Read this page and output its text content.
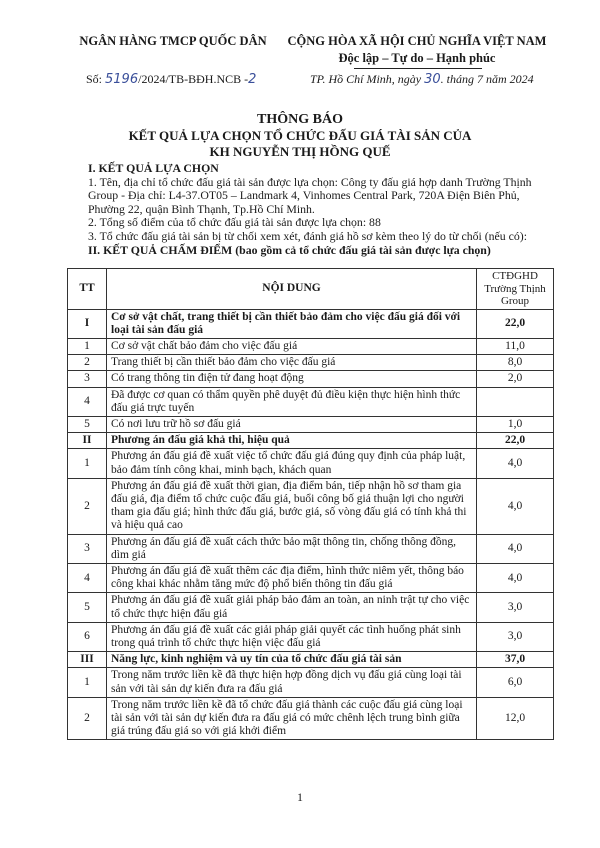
NGÂN HÀNG TMCP QUỐC DÂN	CỘNG HÒA XÃ HỘI CHỦ NGHĨA VIỆT NAM
Độc lập – Tự do – Hạnh phúc
Số: 5196/2024/TB-BĐH.NCB -2	TP. Hồ Chí Minh, ngày 30. tháng 7 năm 2024
THÔNG BÁO
KẾT QUẢ LỰA CHỌN TỔ CHỨC ĐẤU GIÁ TÀI SẢN CỦA
KH NGUYỄN THỊ HỒNG QUẾ

I. KẾT QUẢ LỰA CHỌN

1. Tên, địa chỉ tổ chức đấu giá tài sản được lựa chọn: Công ty đấu giá hợp danh Trường Thịnh Group - Địa chỉ: L4-37.OT05 – Landmark 4, Vinhomes Central Park, 720A Điện Biên Phủ, Phường 22, quận Bình Thạnh, Tp.Hồ Chí Minh.

2. Tổng số điểm của tổ chức đấu giá tài sản được lựa chọn: 88

3. Tổ chức đấu giá tài sản bị từ chối xem xét, đánh giá hồ sơ kèm theo lý do từ chối (nếu có):

II. KẾT QUẢ CHẤM ĐIỂM (bao gồm cả tổ chức đấu giá tài sản được lựa chọn)

TT	NỘI DUNG	CTĐGHD Trường Thịnh Group
I	Cơ sở vật chất, trang thiết bị cần thiết bảo đảm cho việc đấu giá đối với loại tài sản đấu giá	22,0
1	Cơ sở vật chất bảo đảm cho việc đấu giá	11,0
2	Trang thiết bị cần thiết bảo đảm cho việc đấu giá	8,0
3	Có trang thông tin điện tử đang hoạt động	2,0
4	Đã được cơ quan có thẩm quyền phê duyệt đủ điều kiện thực hiện hình thức đấu giá trực tuyến	
5	Có nơi lưu trữ hồ sơ đấu giá	1,0
II	Phương án đấu giá khả thi, hiệu quả	22,0
1	Phương án đấu giá đề xuất việc tổ chức đấu giá đúng quy định của pháp luật, bảo đảm tính công khai, minh bạch, khách quan	4,0
2	Phương án đấu giá đề xuất thời gian, địa điểm bán, tiếp nhận hồ sơ tham gia đấu giá, địa điểm tổ chức cuộc đấu giá, buổi công bố giá thuận lợi cho người tham gia đấu giá; hình thức đấu giá, bước giá, số vòng đấu giá có tính khả thi và hiệu quả cao	4,0
3	Phương án đấu giá đề xuất cách thức bảo mật thông tin, chống thông đồng, dìm giá	4,0
4	Phương án đấu giá đề xuất thêm các địa điểm, hình thức niêm yết, thông báo công khai khác nhằm tăng mức độ phổ biến thông tin đấu giá	4,0
5	Phương án đấu giá đề xuất giải pháp bảo đảm an toàn, an ninh trật tự cho việc tổ chức thực hiện đấu giá	3,0
6	Phương án đấu giá đề xuất các giải pháp giải quyết các tình huống phát sinh trong quá trình tổ chức thực hiện việc đấu giá	3,0
III	Năng lực, kinh nghiệm và uy tín của tổ chức đấu giá tài sản	37,0
1	Trong năm trước liền kề đã thực hiện hợp đồng dịch vụ đấu giá cùng loại tài sản với tài sản dự kiến đưa ra đấu giá	6,0
2	Trong năm trước liền kề đã tổ chức đấu giá thành các cuộc đấu giá cùng loại tài sản với tài sản dự kiến đưa ra đấu giá có mức chênh lệch trung bình giữa giá trúng đấu giá so với giá khởi điểm	12,0
1
